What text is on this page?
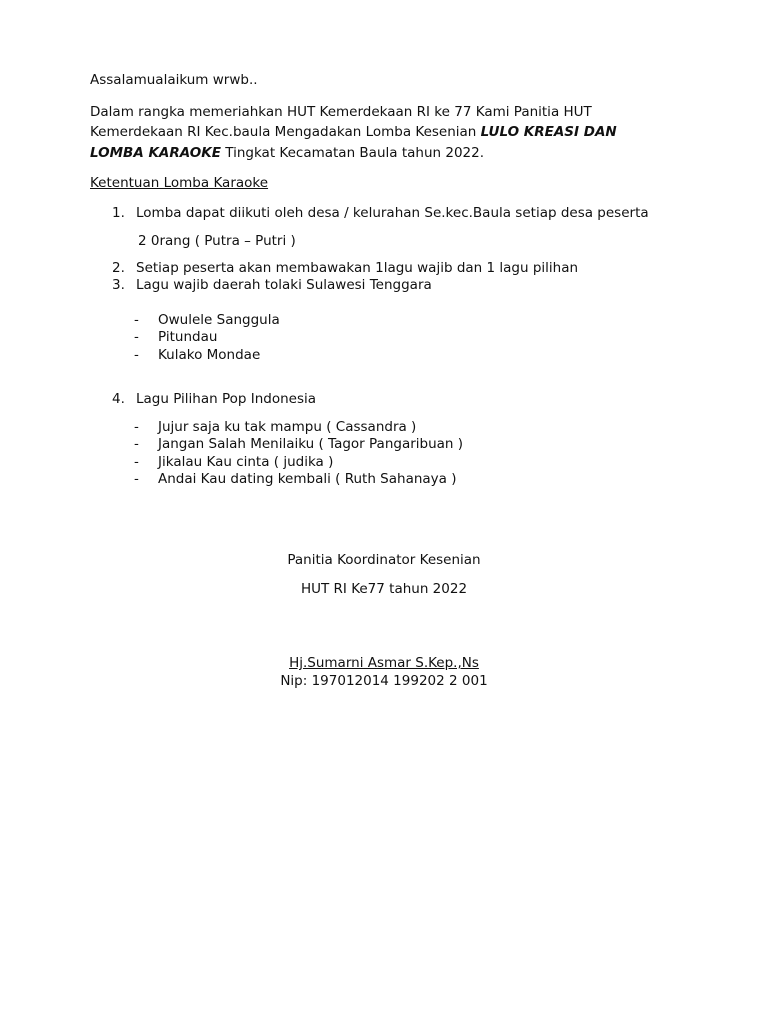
Assalamualaikum wrwb..
Dalam rangka memeriahkan HUT Kemerdekaan RI ke 77 Kami Panitia HUT
Kemerdekaan RI Kec.baula Mengadakan Lomba Kesenian LULO KREASI DAN
LOMBA KARAOKE Tingkat Kecamatan Baula tahun 2022.
Ketentuan Lomba Karaoke
1. Lomba dapat diikuti oleh desa / kelurahan Se.kec.Baula setiap desa peserta
2 0rang ( Putra – Putri )
2. Setiap peserta akan membawakan 1lagu wajib dan 1 lagu pilihan
3. Lagu wajib daerah tolaki Sulawesi Tenggara
- Owulele Sanggula
- Pitundau
- Kulako Mondae
4. Lagu Pilihan Pop Indonesia
- Jujur saja ku tak mampu ( Cassandra )
- Jangan Salah Menilaiku ( Tagor Pangaribuan )
- Jikalau Kau cinta ( judika )
- Andai Kau dating kembali ( Ruth Sahanaya )
Panitia Koordinator Kesenian
HUT RI Ke77 tahun 2022
Hj.Sumarni Asmar S.Kep.,Ns
Nip: 197012014 199202 2 001
